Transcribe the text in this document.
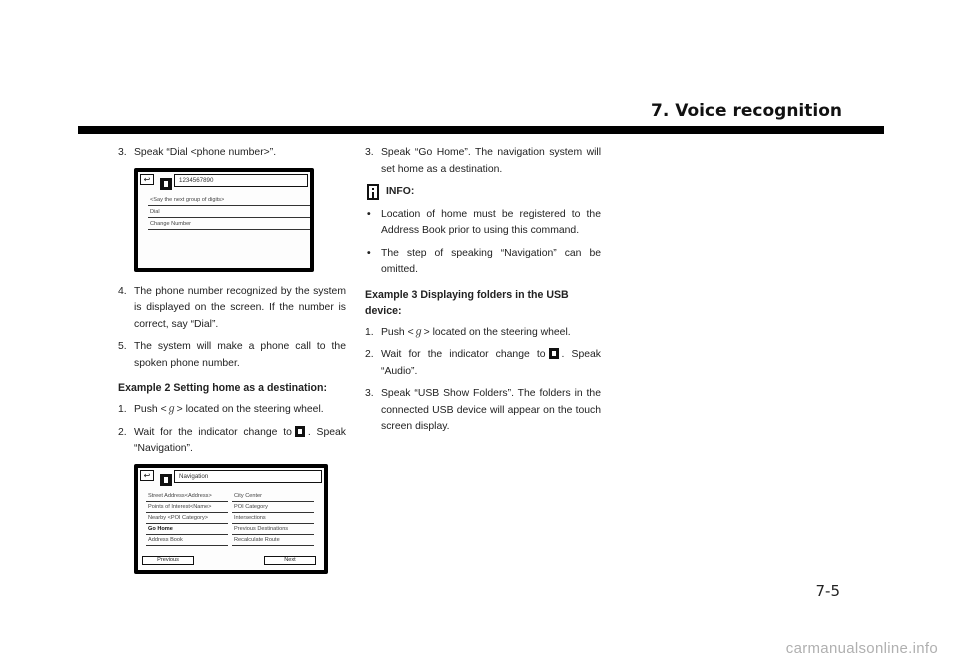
7. Voice recognition
3. Speak “Dial <phone number>”.
↩	1234567890
<Say the next group of digits>
Dial
Change Number
4. The phone number recognized by the system is displayed on the screen. If the number is correct, say “Dial”.
5. The system will make a phone call to the spoken phone number.
Example 2 Setting home as a destination:
1. Push <ℊ> located on the steering wheel.
2. Wait for the indicator change to . Speak “Navigation”.
↩	Navigation
Street Address<Address>
Points of Interest<Name>
Nearby <POI Category>
Go Home
Address Book
City Center
POI Category
Intersections
Previous Destinations
Recalculate Route
Previous	Next
3. Speak “Go Home”. The navigation system will set home as a destination.
INFO:
• Location of home must be registered to the Address Book prior to using this command.
• The step of speaking “Navigation” can be omitted.
Example 3 Displaying folders in the USB device:
1. Push <ℊ> located on the steering wheel.
2. Wait for the indicator change to . Speak “Audio”.
3. Speak “USB Show Folders”. The folders in the connected USB device will appear on the touch screen display.
7-5
carmanualsonline.info
